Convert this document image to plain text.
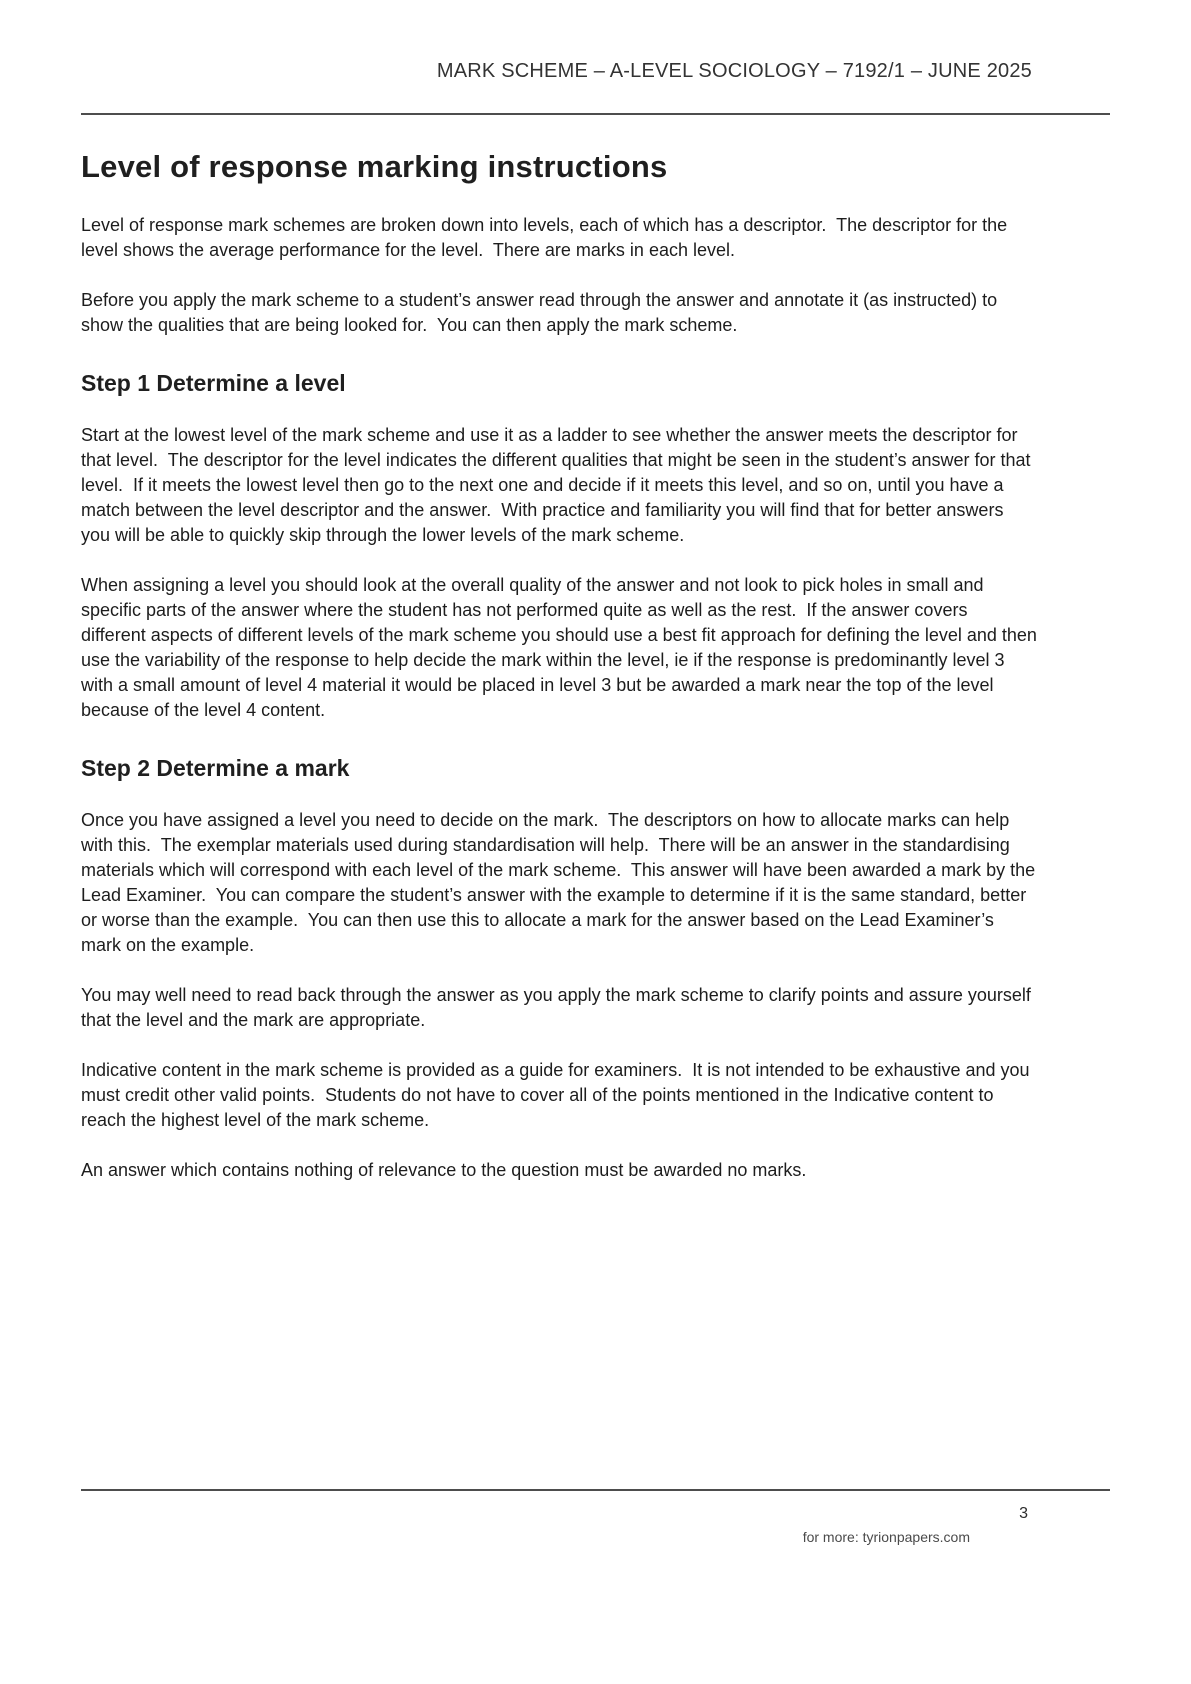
MARK SCHEME – A-LEVEL SOCIOLOGY – 7192/1 – JUNE 2025
Level of response marking instructions

Level of response mark schemes are broken down into levels, each of which has a descriptor.  The descriptor for the level shows the average performance for the level.  There are marks in each level.

Before you apply the mark scheme to a student’s answer read through the answer and annotate it (as instructed) to show the qualities that are being looked for.  You can then apply the mark scheme.

Step 1 Determine a level

Start at the lowest level of the mark scheme and use it as a ladder to see whether the answer meets the descriptor for that level.  The descriptor for the level indicates the different qualities that might be seen in the student’s answer for that level.  If it meets the lowest level then go to the next one and decide if it meets this level, and so on, until you have a match between the level descriptor and the answer.  With practice and familiarity you will find that for better answers you will be able to quickly skip through the lower levels of the mark scheme.

When assigning a level you should look at the overall quality of the answer and not look to pick holes in small and specific parts of the answer where the student has not performed quite as well as the rest.  If the answer covers different aspects of different levels of the mark scheme you should use a best fit approach for defining the level and then use the variability of the response to help decide the mark within the level, ie if the response is predominantly level 3 with a small amount of level 4 material it would be placed in level 3 but be awarded a mark near the top of the level because of the level 4 content.

Step 2 Determine a mark

Once you have assigned a level you need to decide on the mark.  The descriptors on how to allocate marks can help with this.  The exemplar materials used during standardisation will help.  There will be an answer in the standardising materials which will correspond with each level of the mark scheme.  This answer will have been awarded a mark by the Lead Examiner.  You can compare the student’s answer with the example to determine if it is the same standard, better or worse than the example.  You can then use this to allocate a mark for the answer based on the Lead Examiner’s mark on the example.

You may well need to read back through the answer as you apply the mark scheme to clarify points and assure yourself that the level and the mark are appropriate.

Indicative content in the mark scheme is provided as a guide for examiners.  It is not intended to be exhaustive and you must credit other valid points.  Students do not have to cover all of the points mentioned in the Indicative content to reach the highest level of the mark scheme.

An answer which contains nothing of relevance to the question must be awarded no marks.

3
for more: tyrionpapers.com
